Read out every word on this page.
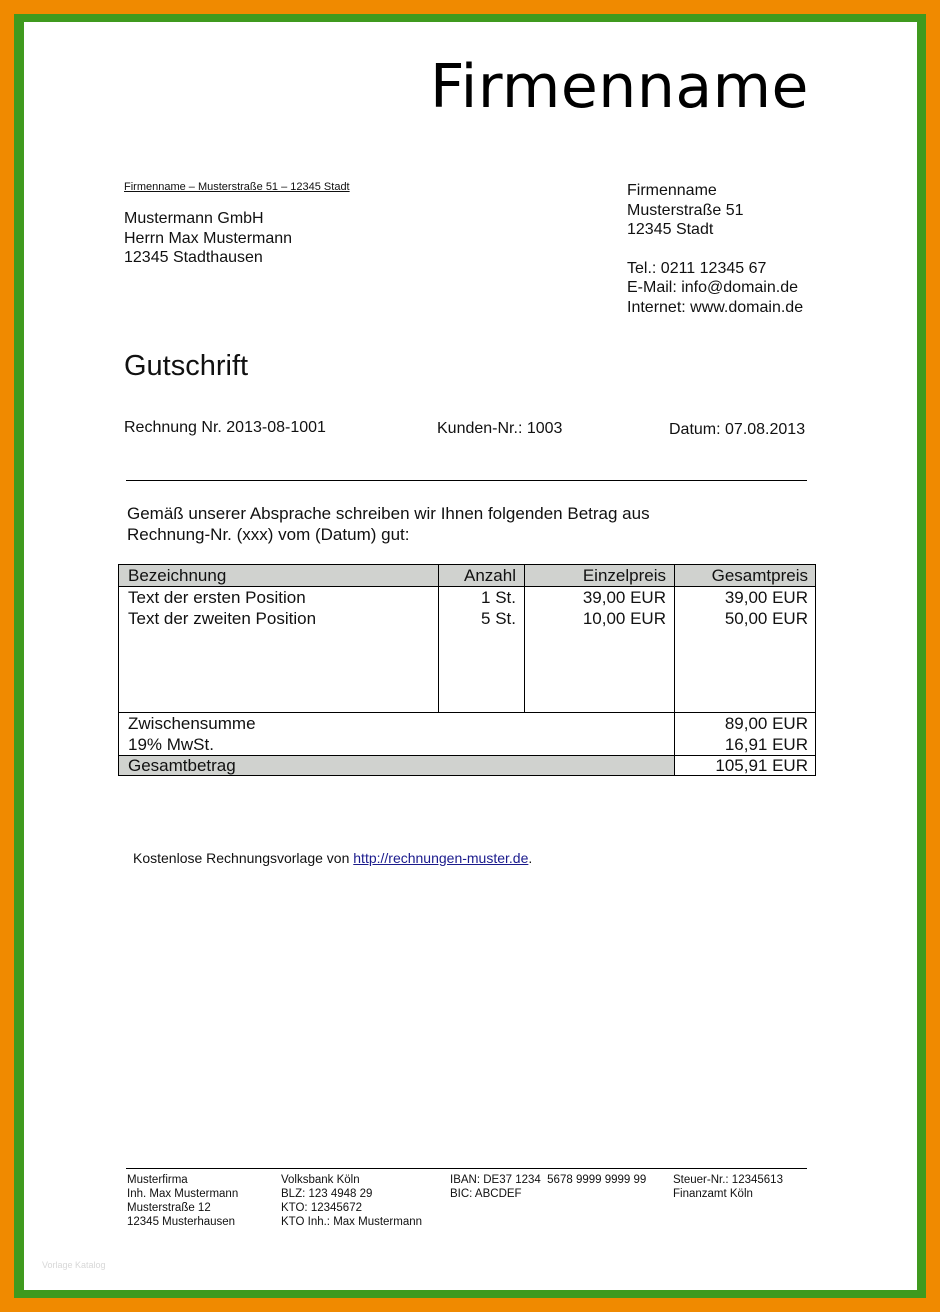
Firmenname
Firmenname – Musterstraße 51 – 12345 Stadt
Mustermann GmbH
Herrn Max Mustermann
12345 Stadthausen
Firmenname
Musterstraße 51
12345 Stadt
Tel.: 0211 12345 67
E-Mail: info@domain.de
Internet: www.domain.de
Gutschrift
Rechnung Nr. 2013-08-1001	Kunden-Nr.: 1003	Datum: 07.08.2013
Gemäß unserer Absprache schreiben wir Ihnen folgenden Betrag aus
Rechnung-Nr. (xxx) vom (Datum) gut:
Bezeichnung	Anzahl	Einzelpreis	Gesamtpreis
Text der ersten Position	1 St.	39,00 EUR	39,00 EUR
Text der zweiten Position	5 St.	10,00 EUR	50,00 EUR
Zwischensumme	89,00 EUR
19% MwSt.	16,91 EUR
Gesamtbetrag	105,91 EUR
Kostenlose Rechnungsvorlage von http://rechnungen-muster.de.
Musterfirma
Inh. Max Mustermann
Musterstraße 12
12345 Musterhausen
Volksbank Köln
BLZ: 123 4948 29
KTO: 12345672
KTO Inh.: Max Mustermann
IBAN: DE37 1234  5678 9999 9999 99
BIC: ABCDEF
Steuer-Nr.: 12345613
Finanzamt Köln
Vorlage Katalog
